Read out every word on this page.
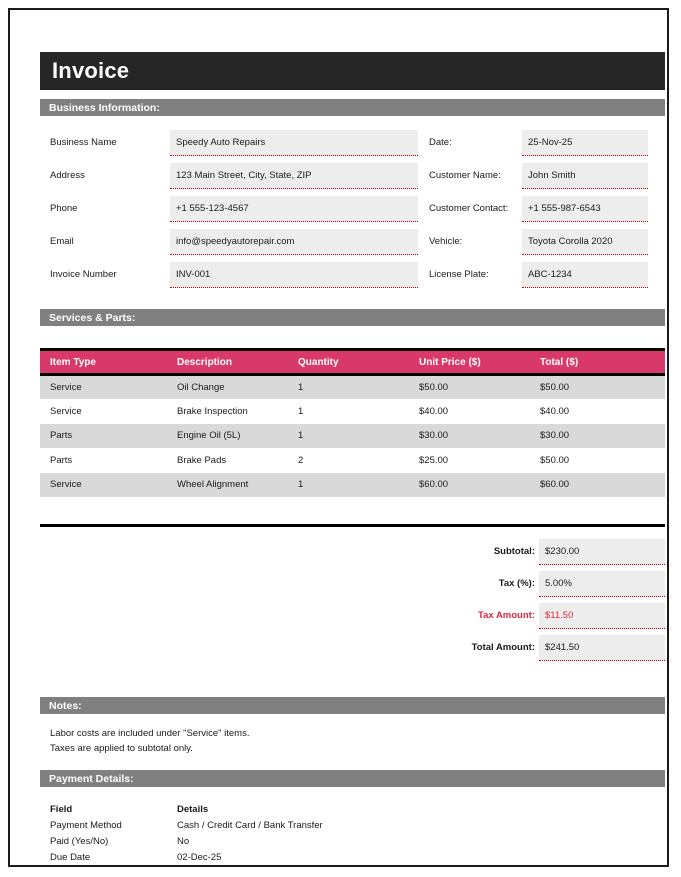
Invoice
Business Information:
Business Name	Speedy Auto Repairs
Address	123 Main Street, City, State, ZIP
Phone	+1 555-123-4567
Email	info@speedyautorepair.com
Invoice Number	INV-001
Date:	25-Nov-25
Customer Name:	John Smith
Customer Contact:	+1 555-987-6543
Vehicle:	Toyota Corolla 2020
License Plate:	ABC-1234
Services & Parts:
Item Type	Description	Quantity	Unit Price ($)	Total ($)
Service	Oil Change	1	$50.00	$50.00
Service	Brake Inspection	1	$40.00	$40.00
Parts	Engine Oil (5L)	1	$30.00	$30.00
Parts	Brake Pads	2	$25.00	$50.00
Service	Wheel Alignment	1	$60.00	$60.00
Subtotal:	$230.00
Tax (%):	5.00%
Tax Amount:	$11.50
Total Amount:	$241.50
Notes:
Labor costs are included under "Service" items.
Taxes are applied to subtotal only.
Payment Details:
Field	Details
Payment Method	Cash / Credit Card / Bank Transfer
Paid (Yes/No)	No
Due Date	02-Dec-25
